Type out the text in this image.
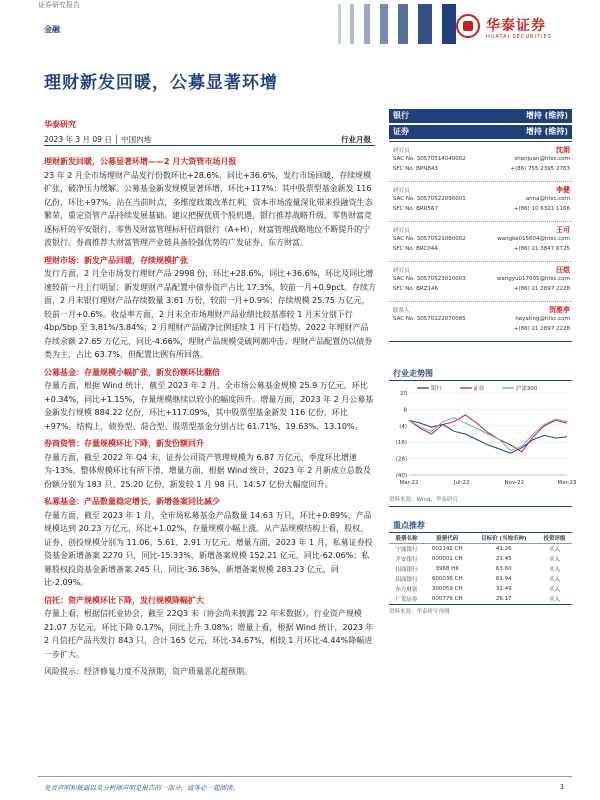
证券研究报告
金融	华泰证券
HUATAI SECURITIES
理财新发回暖，公募显著环增
华泰研究
2023 年 3 月 09 日 │ 中国内地	行业月报
理财新发回暖，公募显著环增——2 月大资管市场月报
23 年 2 月全市场理财产品发行份数环比+28.6%，同比+36.6%，发行市场回暖，存续规模扩张，破净压力缓解。公募基金新发规模显著环增，环比+117%：其中股票型基金新发 116 亿份，环比+97%。站在当前时点，多维度政策改革红利，资本市场流量深化带来投融资生态繁荣，重定资管产品持续发展基础。建议把握优质个股机遇，银行推荐战略升级、零售财富竞逐标杆的平安银行，零售及财富管理标杆招商银行（A+H），财富管理战略地位不断提升的宁波银行。券商推荐大财富管理产业链具备较强优势的广发证券、东方财富。
理财市场：新发产品回暖，存续规模扩张
发行方面，2 月全市场发行理财产品 2998 份，环比+28.6%，同比+36.6%，环比及同比增速较前一月上行明显；新发理财产品配置中债券资产占比 17.3%，较前一月+0.9pct。存续方面，2 月末银行理财产品存续数量 3.61 万份，较前一月+0.9%；存续规模 25.75 万亿元，较前一月+0.6%。收益率方面，2 月末全市场理财产品业绩比较基准较 1 月末分别下行 4bp/5bp 至 3.81%/3.84%；2 月理财产品破净比例延续 1 月下行趋势。2022 年理财产品存续余额 27.65 万亿元，同比-4.66%，理财产品规模受破网潮冲击；理财产品配置仍以债券类为主，占比 63.7%，但配置比例有所回落。
公募基金：存量规模小幅扩张，新发份额环比翻倍
存量方面，根据 Wind 统计，截至 2023 年 2 月，全市场公募基金规模 25.9 万亿元，环比+0.34%，同比+1.15%，存量规模继续以较小的幅度回升。增量方面，2023 年 2 月公募基金新发行规模 884.22 亿份，环比+117.09%，其中股票型基金新发 116 亿份，环比+97%。结构上，债券型、混合型、股票型基金分别占比 61.71%、19.63%、13.10%。
券商资管：存量规模环比下降，新发份额回升
存量方面，截至 2022 年 Q4 末，证券公司资产管理规模为 6.87 万亿元，季度环比增速为-13%，整体规模环比有所下滑，增量方面，根据 Wind 统计，2023 年 2 月新成立总数及份额分别为 183 只、25.20 亿份，新发较 1 月 98 只、14.57 亿份大幅度回升。
私募基金：产品数量稳定增长，新增备案同比减少
存量方面，截至 2023 年 1 月，全市场私募基金产品数量 14.63 万只，环比+0.89%，产品规模达到 20.23 万亿元，环比+1.02%，存量规模小幅上涨。从产品规模结构上看，股权、证券、创投规模分别为 11.06、5.61、2.91 万亿元。增量方面，2023 年 1 月，私募证券投资基金新增备案 2270 只，同比-15.33%，新增备案规模 152.21 亿元，同比-62.06%；私募股权投资基金新增备案 245 只，同比-36.36%，新增备案规模 283.23 亿元，同比-2.09%。
信托：资产规模环比下降，发行规模降幅扩大
存量上看，根据信托业协会，截至 22Q3 末（协会尚未披露 22 年末数据），行业资产规模 21.07 万亿元，环比下降 0.17%，同比上升 3.08%；增量上看，根据 Wind 统计，2023 年 2 月信托产品共发行 843 只，合计 165 亿元，环比-34.67%，相较 1 月环比-4.44%降幅进一步扩大。
风险提示：经济修复力度不及预期，资产质量恶化超预期。
银行	增持 (维持)
证券	增持 (维持)
研究员	沈娟
SAC No. S0570514040002
SFC No. BPN843
shenjuan@htsc.com
+(86) 755 2395 2763
研究员	李健
SAC No. S0570522090001
SFC No. BRR567
anna@htsc.com
+(86) 10 6321 1166
研究员	王可
SAC No. S0570521080002
SFC No. BRC044
wangke015604@htsc.com
+(86) 21 3847 6725
研究员	汪煜
SAC No. S0570523010003
SFC No. BRZ146
wangyu017005@htsc.com
+(86) 21 2897 2228
联系人	贺雅亭
SAC No. S0570122070085	heyating@htsc.com
+(86) 21 2897 2228
行业走势图
银行	证券	沪深300
(40)
(28)
(16)
(4)
8
20
Mar-22	Jul-22	Nov-22	Mar-23
资料来源：Wind，华泰研究
重点推荐
股票名称	股票代码	目标价 (当地币种)	投资评级
宁波银行	002142 CH	41.26	买入
平安银行	000001 CH	21.45	买入
招商银行	3968 HK	63.60	买入
招商银行	600036 CH	61.94	买入
东方财富	300059 CH	31.49	买入
广发证券	000776 CH	26.17	买入
资料来源：华泰研究预测
免责声明和披露以及分析师声明是报告的一部分，请务必一起阅读。	1
